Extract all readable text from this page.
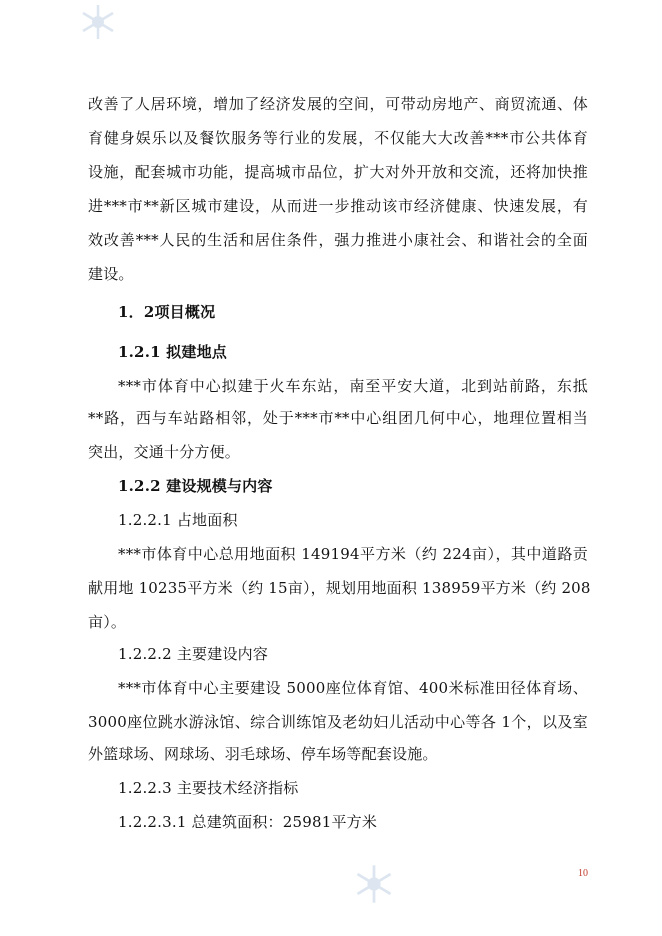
改善了人居环境，增加了经济发展的空间，可带动房地产、商贸流通、体
育健身娱乐以及餐饮服务等行业的发展，不仅能大大改善***市公共体育
设施，配套城市功能，提高城市品位，扩大对外开放和交流，还将加快推
进***市**新区城市建设，从而进一步推动该市经济健康、快速发展，有
效改善***人民的生活和居住条件，强力推进小康社会、和谐社会的全面
建设。
1．2项目概况
1.2.1 拟建地点
***市体育中心拟建于火车东站，南至平安大道，北到站前路，东抵
**路，西与车站路相邻，处于***市**中心组团几何中心，地理位置相当
突出，交通十分方便。
1.2.2 建设规模与内容
1.2.2.1 占地面积
***市体育中心总用地面积 149194平方米（约 224亩），其中道路贡
献用地 10235平方米（约 15亩），规划用地面积 138959平方米（约 208
亩）。
1.2.2.2 主要建设内容
***市体育中心主要建设 5000座位体育馆、400米标准田径体育场、
3000座位跳水游泳馆、综合训练馆及老幼妇儿活动中心等各 1个，以及室
外篮球场、网球场、羽毛球场、停车场等配套设施。
1.2.2.3 主要技术经济指标
1.2.2.3.1 总建筑面积：25981平方米
10
